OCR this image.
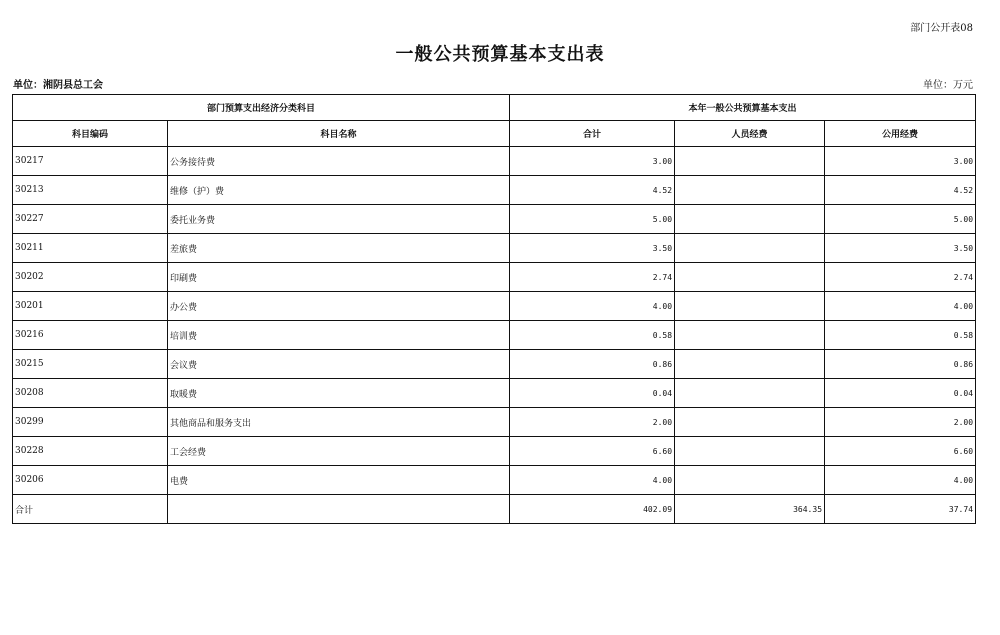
部门公开表08
一般公共预算基本支出表
单位：湘阴县总工会	单位：万元
部门预算支出经济分类科目		本年一般公共预算基本支出		
科目编码	科目名称	合计	人员经费	公用经费
30217	公务接待费	3.00		3.00
30213	维修（护）费	4.52		4.52
30227	委托业务费	5.00		5.00
30211	差旅费	3.50		3.50
30202	印刷费	2.74		2.74
30201	办公费	4.00		4.00
30216	培训费	0.58		0.58
30215	会议费	0.86		0.86
30208	取暖费	0.04		0.04
30299	其他商品和服务支出	2.00		2.00
30228	工会经费	6.60		6.60
30206	电费	4.00		4.00
合计		402.09	364.35	37.74
